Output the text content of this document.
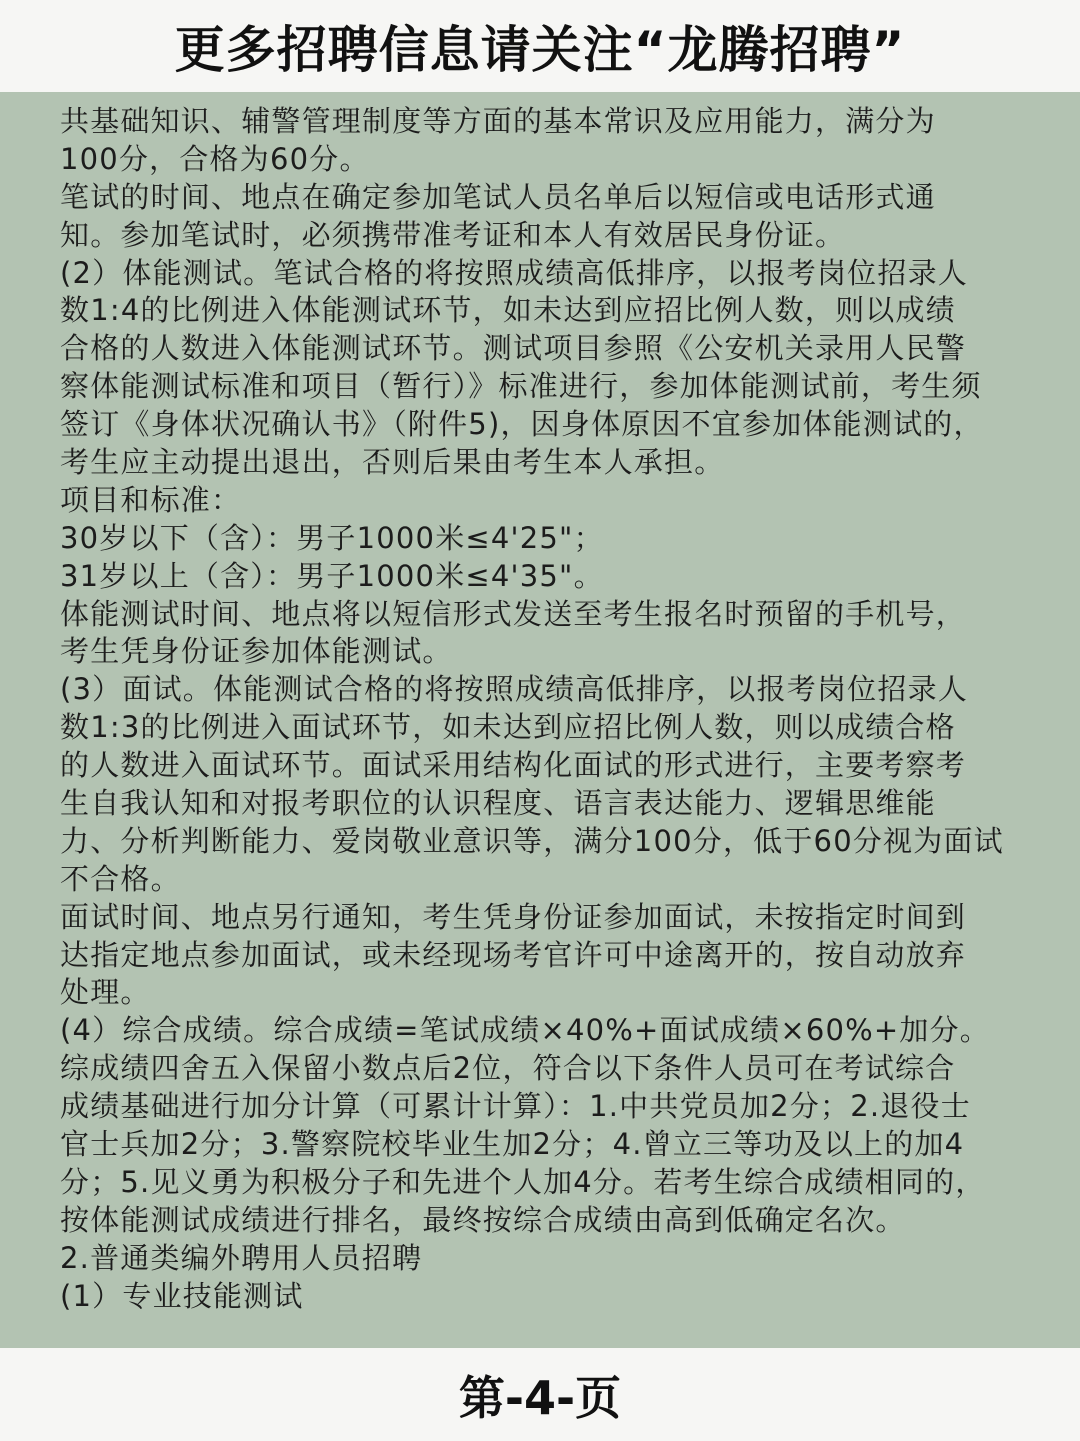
更多招聘信息请关注“龙腾招聘”
共基础知识、辅警管理制度等方面的基本常识及应用能力，满分为
100分，合格为60分。
笔试的时间、地点在确定参加笔试人员名单后以短信或电话形式通
知。参加笔试时，必须携带准考证和本人有效居民身份证。
(2）体能测试。笔试合格的将按照成绩高低排序，以报考岗位招录人
数1:4的比例进入体能测试环节，如未达到应招比例人数，则以成绩
合格的人数进入体能测试环节。测试项目参照《公安机关录用人民警
察体能测试标准和项目（暂行）》标准进行，参加体能测试前，考生须
签订《身体状况确认书》（附件5)，因身体原因不宜参加体能测试的，
考生应主动提出退出，否则后果由考生本人承担。
项目和标准：
30岁以下（含）：男子1000米≤4'25"；
31岁以上（含）：男子1000米≤4'35"。
体能测试时间、地点将以短信形式发送至考生报名时预留的手机号，
考生凭身份证参加体能测试。
(3）面试。体能测试合格的将按照成绩高低排序，以报考岗位招录人
数1:3的比例进入面试环节，如未达到应招比例人数，则以成绩合格
的人数进入面试环节。面试采用结构化面试的形式进行，主要考察考
生自我认知和对报考职位的认识程度、语言表达能力、逻辑思维能
力、分析判断能力、爱岗敬业意识等，满分100分，低于60分视为面试
不合格。
面试时间、地点另行通知，考生凭身份证参加面试，未按指定时间到
达指定地点参加面试，或未经现场考官许可中途离开的，按自动放弃
处理。
(4）综合成绩。综合成绩=笔试成绩×40%+面试成绩×60%+加分。
综成绩四舍五入保留小数点后2位，符合以下条件人员可在考试综合
成绩基础进行加分计算（可累计计算）：1.中共党员加2分；2.退役士
官士兵加2分；3.警察院校毕业生加2分；4.曾立三等功及以上的加4
分；5.见义勇为积极分子和先进个人加4分。若考生综合成绩相同的，
按体能测试成绩进行排名，最终按综合成绩由高到低确定名次。
2.普通类编外聘用人员招聘
(1）专业技能测试
第-4-页
